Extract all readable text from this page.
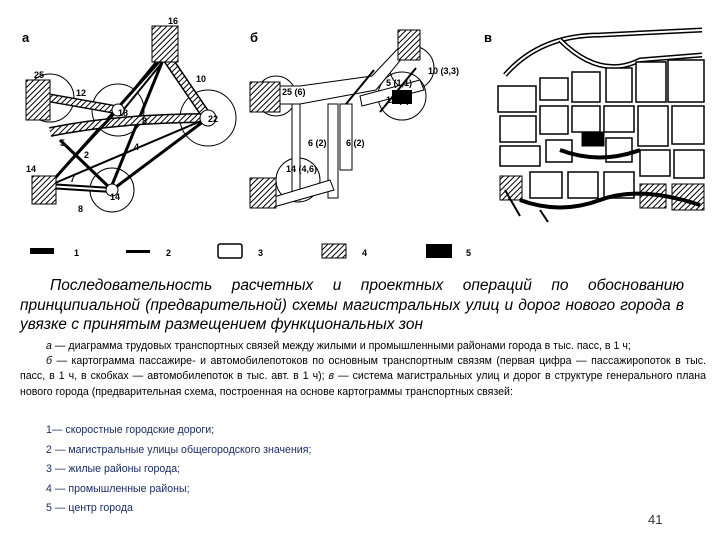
а	б	в
16
25	10
12
18
5
8	22
2
4
14
7
8
14
10 (3,3)
5 (1,1)
25 (6)
12 (4)
6 (2) 6 (2)
14 (4,6)
1	2	3	4	5
Последовательность расчетных и проектных операций по обоснованию принципиальной (предварительной) схемы магистральных улиц и дорог нового города в увязке с принятым размещением функциональных зон

а — диаграмма трудовых транспортных связей между жилыми и промышленными районами города в тыс. пасс, в 1 ч;

б — картограмма пассажире- и автомобилепотоков по основным транспортным связям (первая цифра — пассажиропоток в тыс. пасс, в 1 ч, в скобках — автомобилепоток в тыс. авт. в 1 ч); в — система магистральных улиц и дорог в структуре генерального плана нового города (предварительная схема, построенная на основе картограммы транспортных связей:

1— скоростные городские дороги;
2 — магистральные улицы общегородского значения;
3 — жилые районы города;
4 — промышленные районы;
5 — центр города
41
